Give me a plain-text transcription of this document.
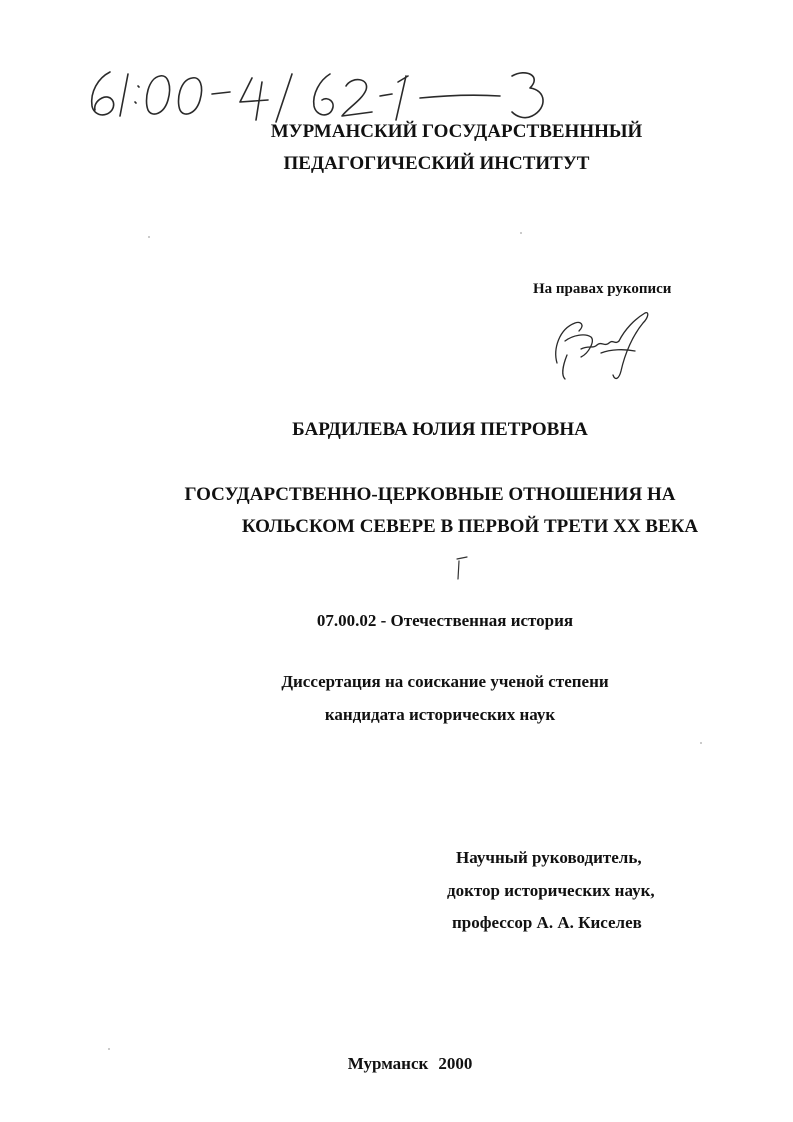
МУРМАНСКИЙ ГОСУДАРСТВЕНННЫЙ
ПЕДАГОГИЧЕСКИЙ ИНСТИТУТ
На правах рукописи
БАРДИЛЕВА ЮЛИЯ ПЕТРОВНА
ГОСУДАРСТВЕННО-ЦЕРКОВНЫЕ ОТНОШЕНИЯ НА
КОЛЬСКОМ СЕВЕРЕ В ПЕРВОЙ ТРЕТИ XX ВЕКА
07.00.02 - Отечественная история
Диссертация на соискание ученой степени
кандидата исторических наук
Научный руководитель,
доктор исторических наук,
профессор А. А. Киселев
Мурманск 2000
